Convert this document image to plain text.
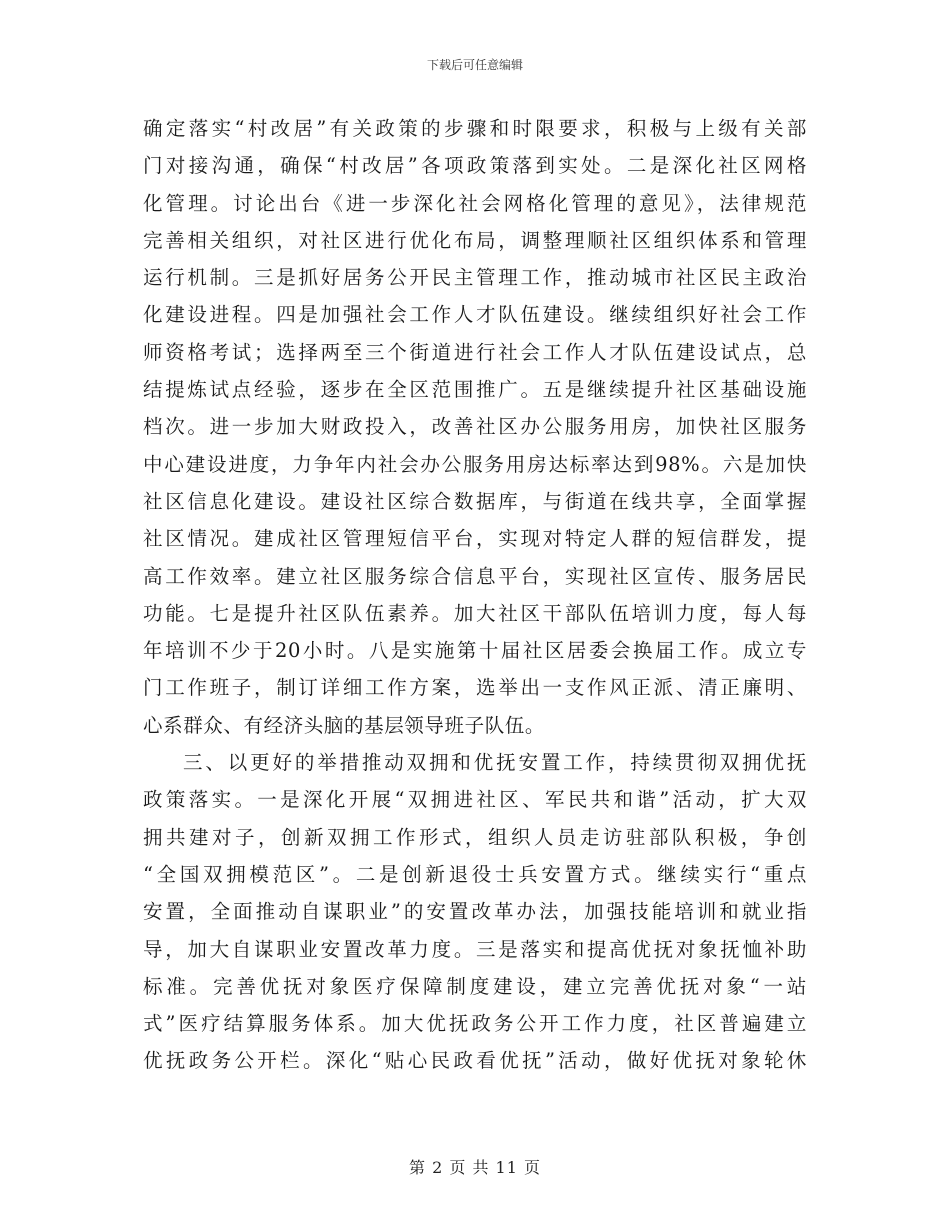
下载后可任意编辑
确定落实“村改居”有关政策的步骤和时限要求，积极与上级有关部
门对接沟通，确保“村改居”各项政策落到实处。二是深化社区网格
化管理。讨论出台《进一步深化社会网格化管理的意见》，法律规范
完善相关组织，对社区进行优化布局，调整理顺社区组织体系和管理
运行机制。三是抓好居务公开民主管理工作，推动城市社区民主政治
化建设进程。四是加强社会工作人才队伍建设。继续组织好社会工作
师资格考试；选择两至三个街道进行社会工作人才队伍建设试点，总
结提炼试点经验，逐步在全区范围推广。五是继续提升社区基础设施
档次。进一步加大财政投入，改善社区办公服务用房，加快社区服务
中心建设进度，力争年内社会办公服务用房达标率达到98%。六是加快
社区信息化建设。建设社区综合数据库，与街道在线共享，全面掌握
社区情况。建成社区管理短信平台，实现对特定人群的短信群发，提
高工作效率。建立社区服务综合信息平台，实现社区宣传、服务居民
功能。七是提升社区队伍素养。加大社区干部队伍培训力度，每人每
年培训不少于20小时。八是实施第十届社区居委会换届工作。成立专
门工作班子，制订详细工作方案，选举出一支作风正派、清正廉明、
心系群众、有经济头脑的基层领导班子队伍。
三、以更好的举措推动双拥和优抚安置工作，持续贯彻双拥优抚
政策落实。一是深化开展“双拥进社区、军民共和谐”活动，扩大双
拥共建对子，创新双拥工作形式，组织人员走访驻部队积极，争创
“全国双拥模范区”。二是创新退役士兵安置方式。继续实行“重点
安置，全面推动自谋职业”的安置改革办法，加强技能培训和就业指
导，加大自谋职业安置改革力度。三是落实和提高优抚对象抚恤补助
标准。完善优抚对象医疗保障制度建设，建立完善优抚对象“一站
式”医疗结算服务体系。加大优抚政务公开工作力度，社区普遍建立
优抚政务公开栏。深化“贴心民政看优抚”活动，做好优抚对象轮休
第 2 页 共 11 页
